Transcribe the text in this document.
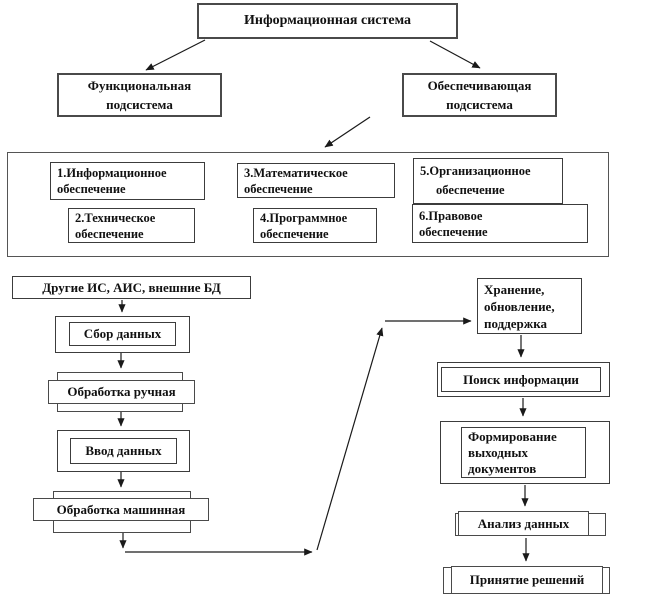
Информационная система
Функциональная
подсистема
Обеспечивающая
подсистема
1.Информационное
обеспечение
2.Техническое
обеспечение
3.Математическое
обеспечение
4.Программное
обеспечение
5.Организационное
обеспечение
6.Правовое
обеспечение
Другие ИС, АИС, внешние БД
Сбор данных
Обработка ручная
Ввод данных
Обработка машинная
Хранение,
обновление,
поддержка
Поиск информации
Формирование
выходных
документов
Анализ данных
Принятие решений
